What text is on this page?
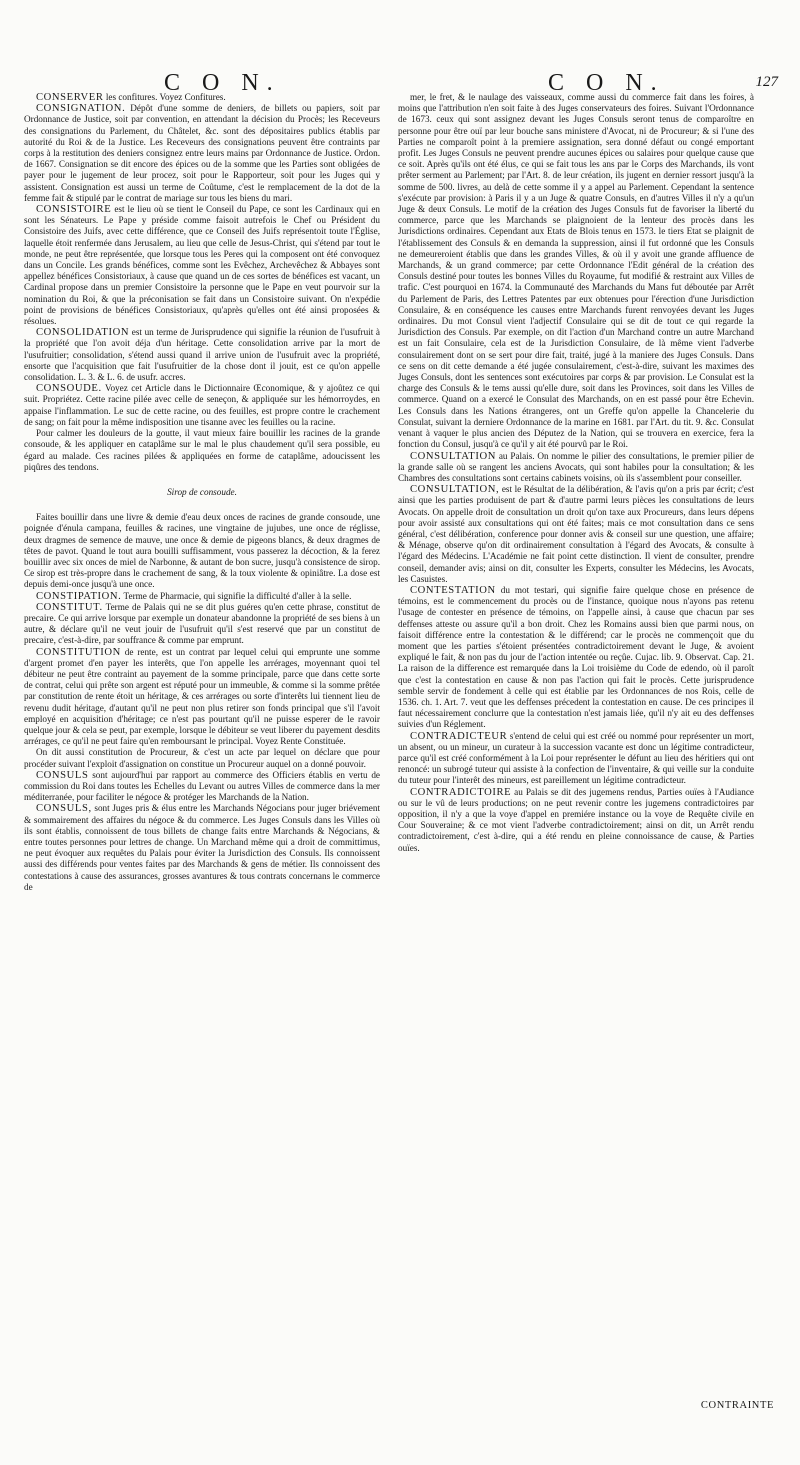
C O N.	C O N.	127

CONSERVER les confitures. Voyez Confitures.

CONSIGNATION. Dépôt d'une somme de deniers, de billets ou papiers, soit par Ordonnance de Justice, soit par convention, en attendant la décision du Procès; les Receveurs des consignations du Parlement, du Châtelet, &c. sont des dépositaires publics établis par autorité du Roi & de la Justice. Les Receveurs des consignations peuvent être contraints par corps à la restitution des deniers consignez entre leurs mains par Ordonnance de Justice. Ordon. de 1667. Consignation se dit encore des épices ou de la somme que les Parties sont obligées de payer pour le jugement de leur procez, soit pour le Rapporteur, soit pour les Juges qui y assistent. Consignation est aussi un terme de Coûtume, c'est le remplacement de la dot de la femme fait & stipulé par le contrat de mariage sur tous les biens du mari.

CONSISTOIRE est le lieu où se tient le Conseil du Pape, ce sont les Cardinaux qui en sont les Sénateurs. Le Pape y préside comme faisoit autrefois le Chef ou Président du Consistoire des Juifs, avec cette différence, que ce Conseil des Juifs représentoit toute l'Église, laquelle étoit renfermée dans Jerusalem, au lieu que celle de Jesus-Christ, qui s'étend par tout le monde, ne peut être représentée, que lorsque tous les Peres qui la composent ont été convoquez dans un Concile. Les grands bénéfices, comme sont les Evêchez, Archevêchez & Abbayes sont appellez bénéfices Consistoriaux, à cause que quand un de ces sortes de bénéfices est vacant, un Cardinal propose dans un premier Consistoire la personne que le Pape en veut pourvoir sur la nomination du Roi, & que la préconisation se fait dans un Consistoire suivant. On n'expédie point de provisions de bénéfices Consistoriaux, qu'après qu'elles ont été ainsi proposées & résolues.

CONSOLIDATION est un terme de Jurisprudence qui signifie la réunion de l'usufruit à la propriété que l'on avoit déja d'un héritage. Cette consolidation arrive par la mort de l'usufruitier; consolidation, s'étend aussi quand il arrive union de l'usufruit avec la propriété, ensorte que l'acquisition que fait l'usufruitier de la chose dont il jouit, est ce qu'on appelle consolidation. L. 3. & L. 6. de usufr. accres.

CONSOUDE. Voyez cet Article dans le Dictionnaire Œconomique, & y ajoûtez ce qui suit. Propriétez. Cette racine pilée avec celle de seneçon, & appliquée sur les hémorroydes, en appaise l'inflammation. Le suc de cette racine, ou des feuilles, est propre contre le crachement de sang; on fait pour la même indisposition une tisanne avec les feuilles ou la racine.

Pour calmer les douleurs de la goutte, il vaut mieux faire bouillir les racines de la grande consoude, & les appliquer en cataplâme sur le mal le plus chaudement qu'il sera possible, eu égard au malade. Ces racines pilées & appliquées en forme de cataplâme, adoucissent les piqûres des tendons.

Sirop de consoude.

Faites bouillir dans une livre & demie d'eau deux onces de racines de grande consoude, une poignée d'énula campana, feuilles & racines, une vingtaine de jujubes, une once de réglisse, deux dragmes de semence de mauve, une once & demie de pigeons blancs, & deux dragmes de têtes de pavot. Quand le tout aura bouilli suffisamment, vous passerez la décoction, & la ferez bouillir avec six onces de miel de Narbonne, & autant de bon sucre, jusqu'à consistence de sirop. Ce sirop est très-propre dans le crachement de sang, & la toux violente & opiniâtre. La dose est depuis demi-once jusqu'à une once.

CONSTIPATION. Terme de Pharmacie, qui signifie la difficulté d'aller à la selle.

CONSTITUT. Terme de Palais qui ne se dit plus guéres qu'en cette phrase, constitut de precaire. Ce qui arrive lorsque par exemple un donateur abandonne la propriété de ses biens à un autre, & déclare qu'il ne veut jouir de l'usufruit qu'il s'est reservé que par un constitut de precaire, c'est-à-dire, par souffrance & comme par emprunt.

CONSTITUTION de rente, est un contrat par lequel celui qui emprunte une somme d'argent promet d'en payer les interêts, que l'on appelle les arrérages, moyennant quoi tel débiteur ne peut être contraint au payement de la somme principale, parce que dans cette sorte de contrat, celui qui prête son argent est réputé pour un immeuble, & comme si la somme prêtée par constitution de rente étoit un héritage, & ces arrérages ou sorte d'interêts lui tiennent lieu de revenu dudit héritage, d'autant qu'il ne peut non plus retirer son fonds principal que s'il l'avoit employé en acquisition d'héritage; ce n'est pas pourtant qu'il ne puisse esperer de le ravoir quelque jour & cela se peut, par exemple, lorsque le débiteur se veut liberer du payement desdits arrérages, ce qu'il ne peut faire qu'en remboursant le principal. Voyez Rente Constituée.

On dit aussi constitution de Procureur, & c'est un acte par lequel on déclare que pour procéder suivant l'exploit d'assignation on constitue un Procureur auquel on a donné pouvoir.

CONSULS sont aujourd'hui par rapport au commerce des Officiers établis en vertu de commission du Roi dans toutes les Echelles du Levant ou autres Villes de commerce dans la mer méditerranée, pour faciliter le négoce & protéger les Marchands de la Nation.

CONSULS, sont Juges pris & élus entre les Marchands Négocians pour juger briévement & sommairement des affaires du négoce & du commerce. Les Juges Consuls dans les Villes où ils sont établis, connoissent de tous billets de change faits entre Marchands & Négocians, & entre toutes personnes pour lettres de change. Un Marchand même qui a droit de committimus, ne peut évoquer aux requêtes du Palais pour éviter la Jurisdiction des Consuls. Ils connoissent aussi des différends pour ventes faites par des Marchands & gens de métier. Ils connoissent des contestations à cause des assurances, grosses avantures & tous contrats concernans le commerce de

mer, le fret, & le naulage des vaisseaux, comme aussi du commerce fait dans les foires, à moins que l'attribution n'en soit faite à des Juges conservateurs des foires. Suivant l'Ordonnance de 1673. ceux qui sont assignez devant les Juges Consuls seront tenus de comparoître en personne pour être ouï par leur bouche sans ministere d'Avocat, ni de Procureur; & si l'une des Parties ne comparoît point à la premiere assignation, sera donné défaut ou congé emportant profit. Les Juges Consuls ne peuvent prendre aucunes épices ou salaires pour quelque cause que ce soit. Après qu'ils ont été élus, ce qui se fait tous les ans par le Corps des Marchands, ils vont prêter serment au Parlement; par l'Art. 8. de leur création, ils jugent en dernier ressort jusqu'à la somme de 500. livres, au delà de cette somme il y a appel au Parlement. Cependant la sentence s'exécute par provision: à Paris il y a un Juge & quatre Consuls, en d'autres Villes il n'y a qu'un Juge & deux Consuls. Le motif de la création des Juges Consuls fut de favoriser la liberté du commerce, parce que les Marchands se plaignoient de la lenteur des procès dans les Jurisdictions ordinaires. Cependant aux Etats de Blois tenus en 1573. le tiers Etat se plaignit de l'établissement des Consuls & en demanda la suppression, ainsi il fut ordonné que les Consuls ne demeureroient établis que dans les grandes Villes, & où il y avoit une grande affluence de Marchands, & un grand commerce; par cette Ordonnance l'Edit général de la création des Consuls destiné pour toutes les bonnes Villes du Royaume, fut modifié & restraint aux Villes de trafic. C'est pourquoi en 1674. la Communauté des Marchands du Mans fut déboutée par Arrêt du Parlement de Paris, des Lettres Patentes par eux obtenues pour l'érection d'une Jurisdiction Consulaire, & en conséquence les causes entre Marchands furent renvoyées devant les Juges ordinaires. Du mot Consul vient l'adjectif Consulaire qui se dit de tout ce qui regarde la Jurisdiction des Consuls. Par exemple, on dit l'action d'un Marchand contre un autre Marchand est un fait Consulaire, cela est de la Jurisdiction Consulaire, de là même vient l'adverbe consulairement dont on se sert pour dire fait, traité, jugé à la maniere des Juges Consuls. Dans ce sens on dit cette demande a été jugée consulairement, c'est-à-dire, suivant les maximes des Juges Consuls, dont les sentences sont exécutoires par corps & par provision. Le Consulat est la charge des Consuls & le tems aussi qu'elle dure, soit dans les Provinces, soit dans les Villes de commerce. Quand on a exercé le Consulat des Marchands, on en est passé pour être Echevin. Les Consuls dans les Nations étrangeres, ont un Greffe qu'on appelle la Chancelerie du Consulat, suivant la derniere Ordonnance de la marine en 1681. par l'Art. du tit. 9. &c. Consulat venant à vaquer le plus ancien des Députez de la Nation, qui se trouvera en exercice, fera la fonction du Consul, jusqu'à ce qu'il y ait été pourvû par le Roi.

CONSULTATION au Palais. On nomme le pilier des consultations, le premier pilier de la grande salle où se rangent les anciens Avocats, qui sont habiles pour la consultation; & les Chambres des consultations sont certains cabinets voisins, où ils s'assemblent pour conseiller.

CONSULTATION, est le Résultat de la délibération, & l'avis qu'on a pris par écrit; c'est ainsi que les parties produisent de part & d'autre parmi leurs pièces les consultations de leurs Avocats. On appelle droit de consultation un droit qu'on taxe aux Procureurs, dans leurs dépens pour avoir assisté aux consultations qui ont été faites; mais ce mot consultation dans ce sens général, c'est délibération, conference pour donner avis & conseil sur une question, une affaire; & Ménage, observe qu'on dit ordinairement consultation à l'égard des Avocats, & consulte à l'égard des Médecins. L'Académie ne fait point cette distinction. Il vient de consulter, prendre conseil, demander avis; ainsi on dit, consulter les Experts, consulter les Médecins, les Avocats, les Casuistes.

CONTESTATION du mot testari, qui signifie faire quelque chose en présence de témoins, est le commencement du procès ou de l'instance, quoique nous n'ayons pas retenu l'usage de contester en présence de témoins, on l'appelle ainsi, à cause que chacun par ses deffenses atteste ou assure qu'il a bon droit. Chez les Romains aussi bien que parmi nous, on faisoit différence entre la contestation & le différend; car le procès ne commençoit que du moment que les parties s'étoient présentées contradictoirement devant le Juge, & avoient expliqué le fait, & non pas du jour de l'action intentée ou reçûe. Cujac. lib. 9. Observat. Cap. 21. La raison de la difference est remarquée dans la Loi troisième du Code de edendo, où il paroît que c'est la contestation en cause & non pas l'action qui fait le procès. Cette jurisprudence semble servir de fondement à celle qui est établie par les Ordonnances de nos Rois, celle de 1536. ch. 1. Art. 7. veut que les deffenses précedent la contestation en cause. De ces principes il faut nécessairement conclurre que la contestation n'est jamais liée, qu'il n'y ait eu des deffenses suivies d'un Réglement.

CONTRADICTEUR s'entend de celui qui est créé ou nommé pour représenter un mort, un absent, ou un mineur, un curateur à la succession vacante est donc un légitime contradicteur, parce qu'il est créé conformément à la Loi pour représenter le défunt au lieu des héritiers qui ont renoncé: un subrogé tuteur qui assiste à la confection de l'inventaire, & qui veille sur la conduite du tuteur pour l'interêt des mineurs, est pareillement un légitime contradicteur.

CONTRADICTOIRE au Palais se dit des jugemens rendus, Parties ouïes à l'Audiance ou sur le vû de leurs productions; on ne peut revenir contre les jugemens contradictoires par opposition, il n'y a que la voye d'appel en premiére instance ou la voye de Requête civile en Cour Souveraine; & ce mot vient l'adverbe contradictoirement; ainsi on dit, un Arrêt rendu contradictoirement, c'est à-dire, qui a été rendu en pleine connoissance de cause, & Parties ouïes.

CONTRAINTE
